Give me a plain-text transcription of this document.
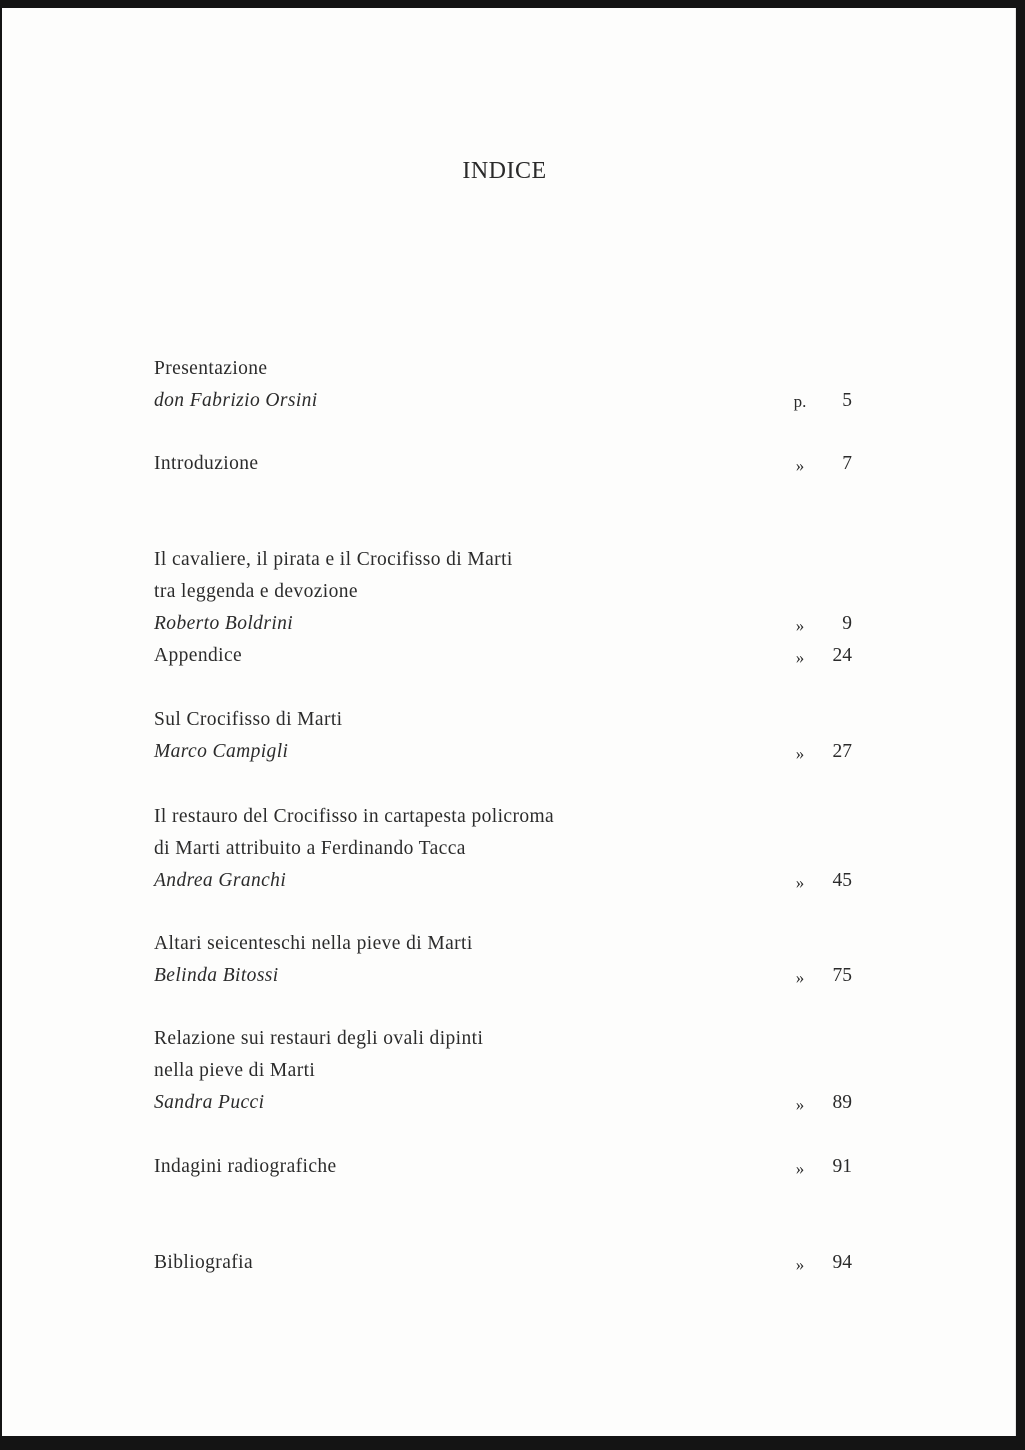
INDICE
Presentazione
don Fabrizio Orsini	p.	5
Introduzione	»	7
Il cavaliere, il pirata e il Crocifisso di Marti
tra leggenda e devozione
Roberto Boldrini	»	9
Appendice	»	24
Sul Crocifisso di Marti
Marco Campigli	»	27
Il restauro del Crocifisso in cartapesta policroma
di Marti attribuito a Ferdinando Tacca
Andrea Granchi	»	45
Altari seicenteschi nella pieve di Marti
Belinda Bitossi	»	75
Relazione sui restauri degli ovali dipinti
nella pieve di Marti
Sandra Pucci	»	89
Indagini radiografiche	»	91
Bibliografia	»	94
